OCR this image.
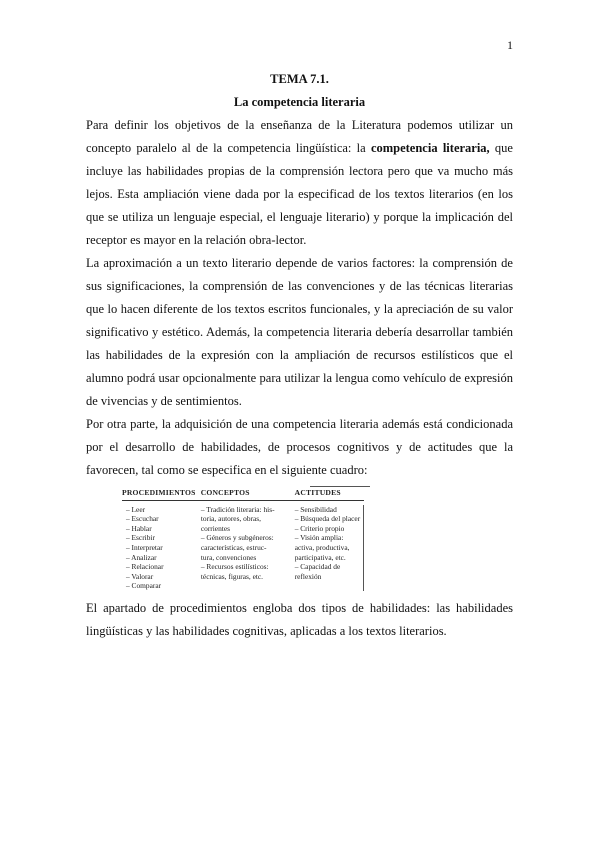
1

TEMA 7.1.

La competencia literaria

Para definir los objetivos de la enseñanza de la Literatura podemos utilizar un concepto paralelo al de la competencia lingüística: la competencia literaria, que incluye las habilidades propias de la comprensión lectora pero que va mucho más lejos. Esta ampliación viene dada por la especificad de los textos literarios (en los que se utiliza un lenguaje especial, el lenguaje literario) y porque la implicación del receptor es mayor en la relación obra-lector.

La aproximación a un texto literario depende de varios factores: la comprensión de sus significaciones, la comprensión de las convenciones y de las técnicas literarias que lo hacen diferente de los textos escritos funcionales, y la apreciación de su valor significativo y estético. Además, la competencia literaria debería desarrollar también las habilidades de la expresión con la ampliación de recursos estilísticos que el alumno podrá usar opcionalmente para utilizar la lengua como vehículo de expresión de vivencias y de sentimientos.

Por otra parte, la adquisición de una competencia literaria además está condicionada por el desarrollo de habilidades, de procesos cognitivos y de actitudes que la favorecen, tal como se especifica en el siguiente cuadro:

PROCEDIMIENTOS CONCEPTOS	ACTITUDES
– Leer
– Escuchar
– Hablar
– Escribir
– Interpretar
– Analizar
– Relacionar
– Valorar
– Comparar
– Tradición literaria: his-
toria, autores, obras,
corrientes
– Géneros y subgéneros:
características, estruc-
tura, convenciones
– Recursos estilísticos:
técnicas, figuras, etc.
– Sensibilidad
– Búsqueda del placer
– Criterio propio
– Visión amplia:
activa, productiva,
participativa, etc.
– Capacidad de
reflexión

El apartado de procedimientos engloba dos tipos de habilidades: las habilidades lingüísticas y las habilidades cognitivas, aplicadas a los textos literarios.
